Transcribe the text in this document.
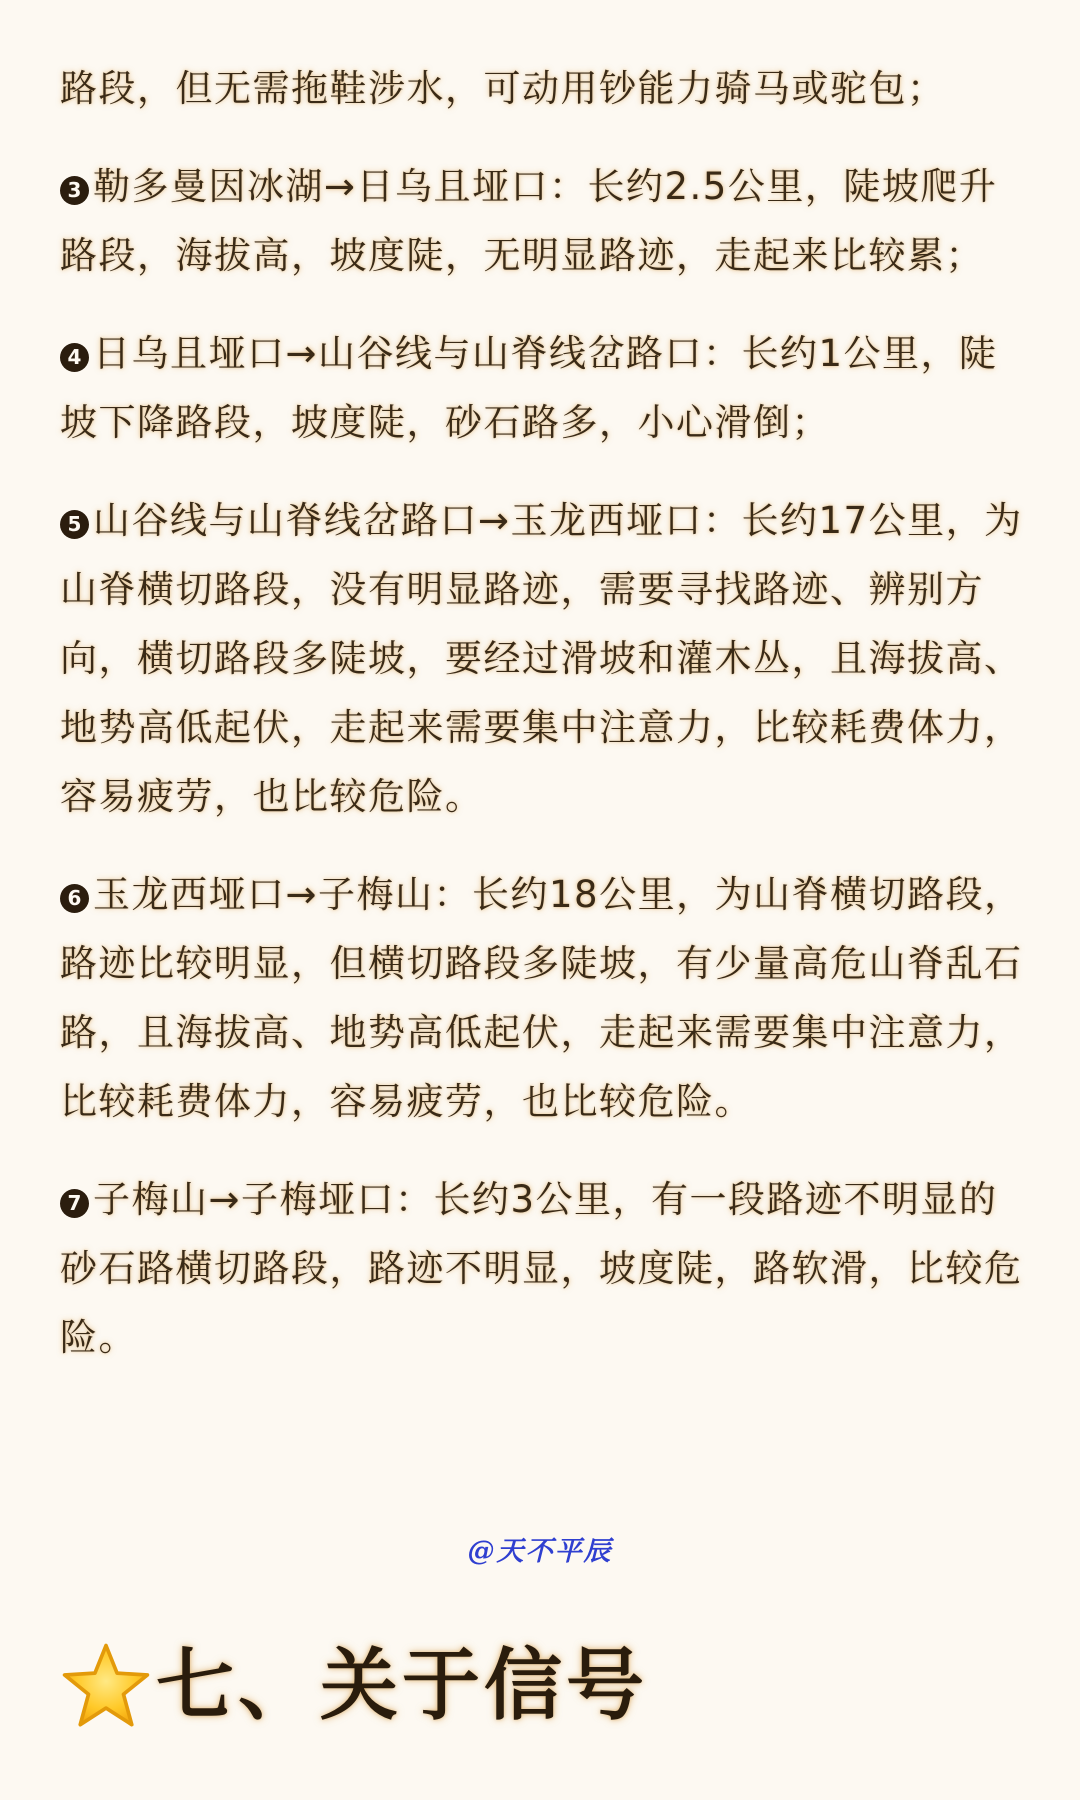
路段，但无需拖鞋涉水，可动用钞能力骑马或驼包；

3 勒多曼因冰湖→日乌且垭口：长约2.5公里，陡坡爬升路段，海拔高，坡度陡，无明显路迹，走起来比较累；

4 日乌且垭口→山谷线与山脊线岔路口：长约1公里，陡坡下降路段，坡度陡，砂石路多，小心滑倒；

5 山谷线与山脊线岔路口→玉龙西垭口：长约17公里，为山脊横切路段，没有明显路迹，需要寻找路迹、辨别方向，横切路段多陡坡，要经过滑坡和灌木丛，且海拔高、地势高低起伏，走起来需要集中注意力，比较耗费体力，容易疲劳，也比较危险。

6 玉龙西垭口→子梅山：长约18公里，为山脊横切路段，路迹比较明显，但横切路段多陡坡，有少量高危山脊乱石路，且海拔高、地势高低起伏，走起来需要集中注意力，比较耗费体力，容易疲劳，也比较危险。

7 子梅山→子梅垭口：长约3公里，有一段路迹不明显的砂石路横切路段，路迹不明显，坡度陡，路软滑，比较危险。

@天不平辰
七、关于信号
